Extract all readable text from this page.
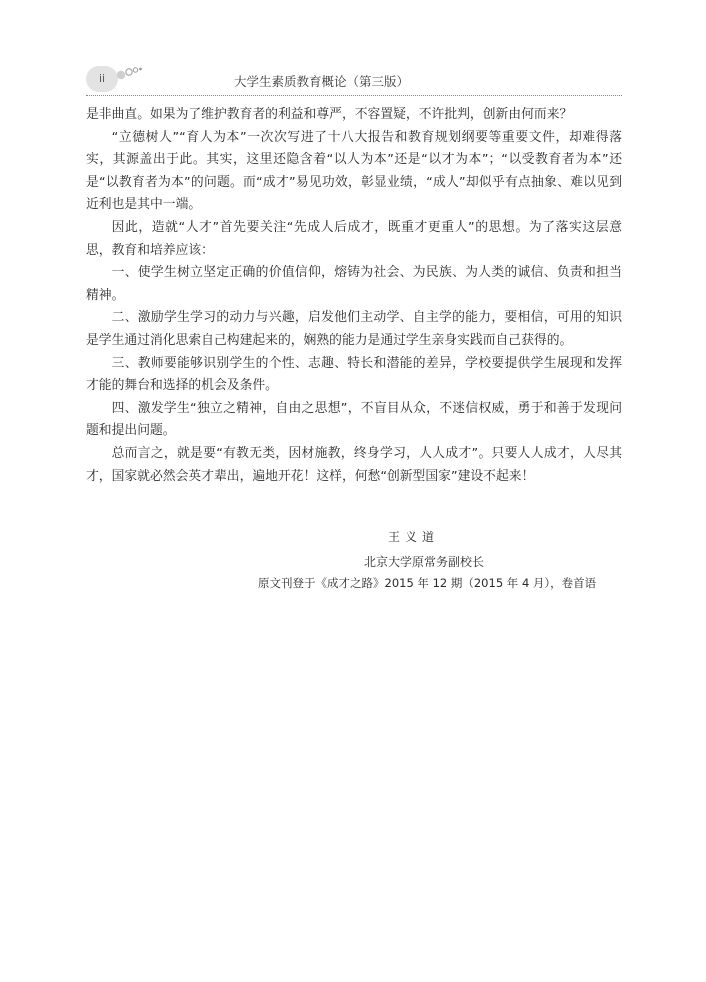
ii	大学生素质教育概论（第三版）

是非曲直。如果为了维护教育者的利益和尊严，不容置疑，不许批判，创新由何而来？

“立德树人”“育人为本”一次次写进了十八大报告和教育规划纲要等重要文件，却难得落实，其源盖出于此。其实，这里还隐含着“以人为本”还是“以才为本”；“以受教育者为本”还是“以教育者为本”的问题。而“成才”易见功效，彰显业绩，“成人”却似乎有点抽象、难以见到近利也是其中一端。

因此，造就“人才”首先要关注“先成人后成才，既重才更重人”的思想。为了落实这层意思，教育和培养应该：

一、使学生树立坚定正确的价值信仰，熔铸为社会、为民族、为人类的诚信、负责和担当精神。

二、激励学生学习的动力与兴趣，启发他们主动学、自主学的能力，要相信，可用的知识是学生通过消化思索自己构建起来的，娴熟的能力是通过学生亲身实践而自己获得的。

三、教师要能够识别学生的个性、志趣、特长和潜能的差异，学校要提供学生展现和发挥才能的舞台和选择的机会及条件。

四、激发学生“独立之精神，自由之思想”，不盲目从众，不迷信权威，勇于和善于发现问题和提出问题。

总而言之，就是要“有教无类，因材施教，终身学习，人人成才”。只要人人成才，人尽其才，国家就必然会英才辈出，遍地开花！这样，何愁“创新型国家”建设不起来！

王义道
北京大学原常务副校长
原文刊登于《成才之路》2015 年 12 期（2015 年 4 月），卷首语
